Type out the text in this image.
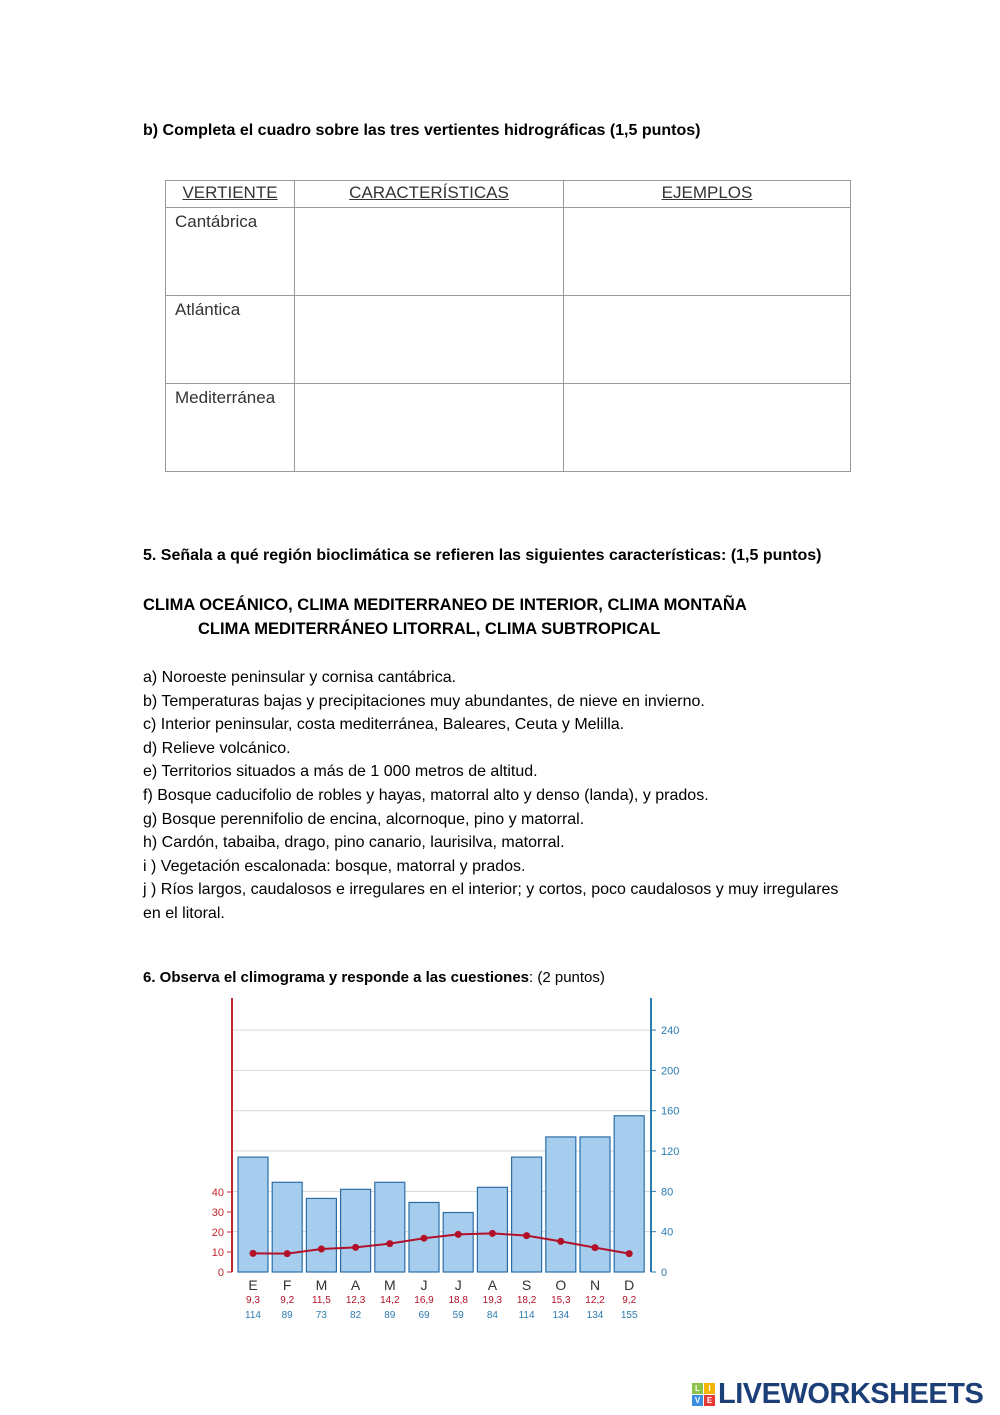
b) Completa el cuadro sobre las tres vertientes hidrográficas (1,5 puntos)
VERTIENTE	CARACTERÍSTICAS	EJEMPLOS
Cantábrica		
Atlántica		
Mediterránea		
5. Señala a qué región bioclimática se refieren las siguientes características: (1,5 puntos)
CLIMA OCEÁNICO, CLIMA MEDITERRANEO DE INTERIOR, CLIMA MONTAÑA
CLIMA MEDITERRÁNEO LITORRAL, CLIMA SUBTROPICAL
a) Noroeste peninsular y cornisa cantábrica.
b) Temperaturas bajas y precipitaciones muy abundantes, de nieve en invierno.
c) Interior peninsular, costa mediterránea, Baleares, Ceuta y Melilla.
d) Relieve volcánico.
e) Territorios situados a más de 1 000 metros de altitud.
f) Bosque caducifolio de robles y hayas, matorral alto y denso (landa), y prados.
g) Bosque perennifolio de encina, alcornoque, pino y matorral.
h) Cardón, tabaiba, drago, pino canario, laurisilva, matorral.
i ) Vegetación escalonada: bosque, matorral y prados.
j ) Ríos largos, caudalosos e irregulares en el interior; y cortos, poco caudalosos y muy irregulares en el litoral.
6. Observa el climograma y responde a las cuestiones: (2 puntos)
0
40
80
120
160
200
240
0
10
20
30
40
E
9,3
114
F
9,2
89
M
11,5
73
A
12,3
82
M
14,2
89
J
16,9
69
J
18,8
59
A
19,3
84
S
18,2
114
O
15,3
134
N
12,2
134
D
9,2
155
L	I
V E LIVEWORKSHEETS
